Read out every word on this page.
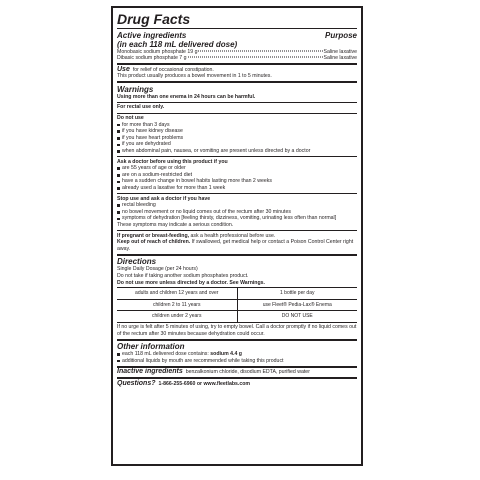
Drug Facts
Active ingredients	Purpose
(in each 118 mL delivered dose)
Monobasic sodium phosphate 19 g	Saline laxative
Dibasic sodium phosphate 7 g	Saline laxative

Use for relief of occasional constipation.

This product usually produces a bowel movement in 1 to 5 minutes.

Warnings

Using more than one enema in 24 hours can be harmful.

For rectal use only.

Do not use

for more than 3 days
if you have kidney disease
if you have heart problems
if you are dehydrated
when abdominal pain, nausea, or vomiting are present unless directed by a doctor

Ask a doctor before using this product if you

are 55 years of age or older
are on a sodium-restricted diet
have a sudden change in bowel habits lasting more than 2 weeks
already used a laxative for more than 1 week

Stop use and ask a doctor if you have

rectal bleeding
no bowel movement or no liquid comes out of the rectum after 30 minutes
symptoms of dehydration [feeling thirsty, dizziness, vomiting, urinating less often than normal]

These symptoms may indicate a serious condition.

If pregnant or breast-feeding, ask a health professional before use.

Keep out of reach of children. If swallowed, get medical help or contact a Poison Control Center right away.

Directions

Single Daily Dosage (per 24 hours)

Do not take if taking another sodium phosphates product.

Do not use more unless directed by a doctor. See Warnings.

adults and children 12 years and over	1 bottle per day
children 2 to 11 years	use Fleet® Pedia-Lax® Enema
children under 2 years	DO NOT USE

If no urge is felt after 5 minutes of using, try to empty bowel. Call a doctor promptly if no liquid comes out of the rectum after 30 minutes because dehydration could occur.

Other information
each 118 mL delivered dose contains: sodium 4.4 g
additional liquids by mouth are recommended while taking this product

Inactive ingredients benzalkonium chloride, disodium EDTA, purified water

Questions? 1-866-255-6960 or www.fleetlabs.com
